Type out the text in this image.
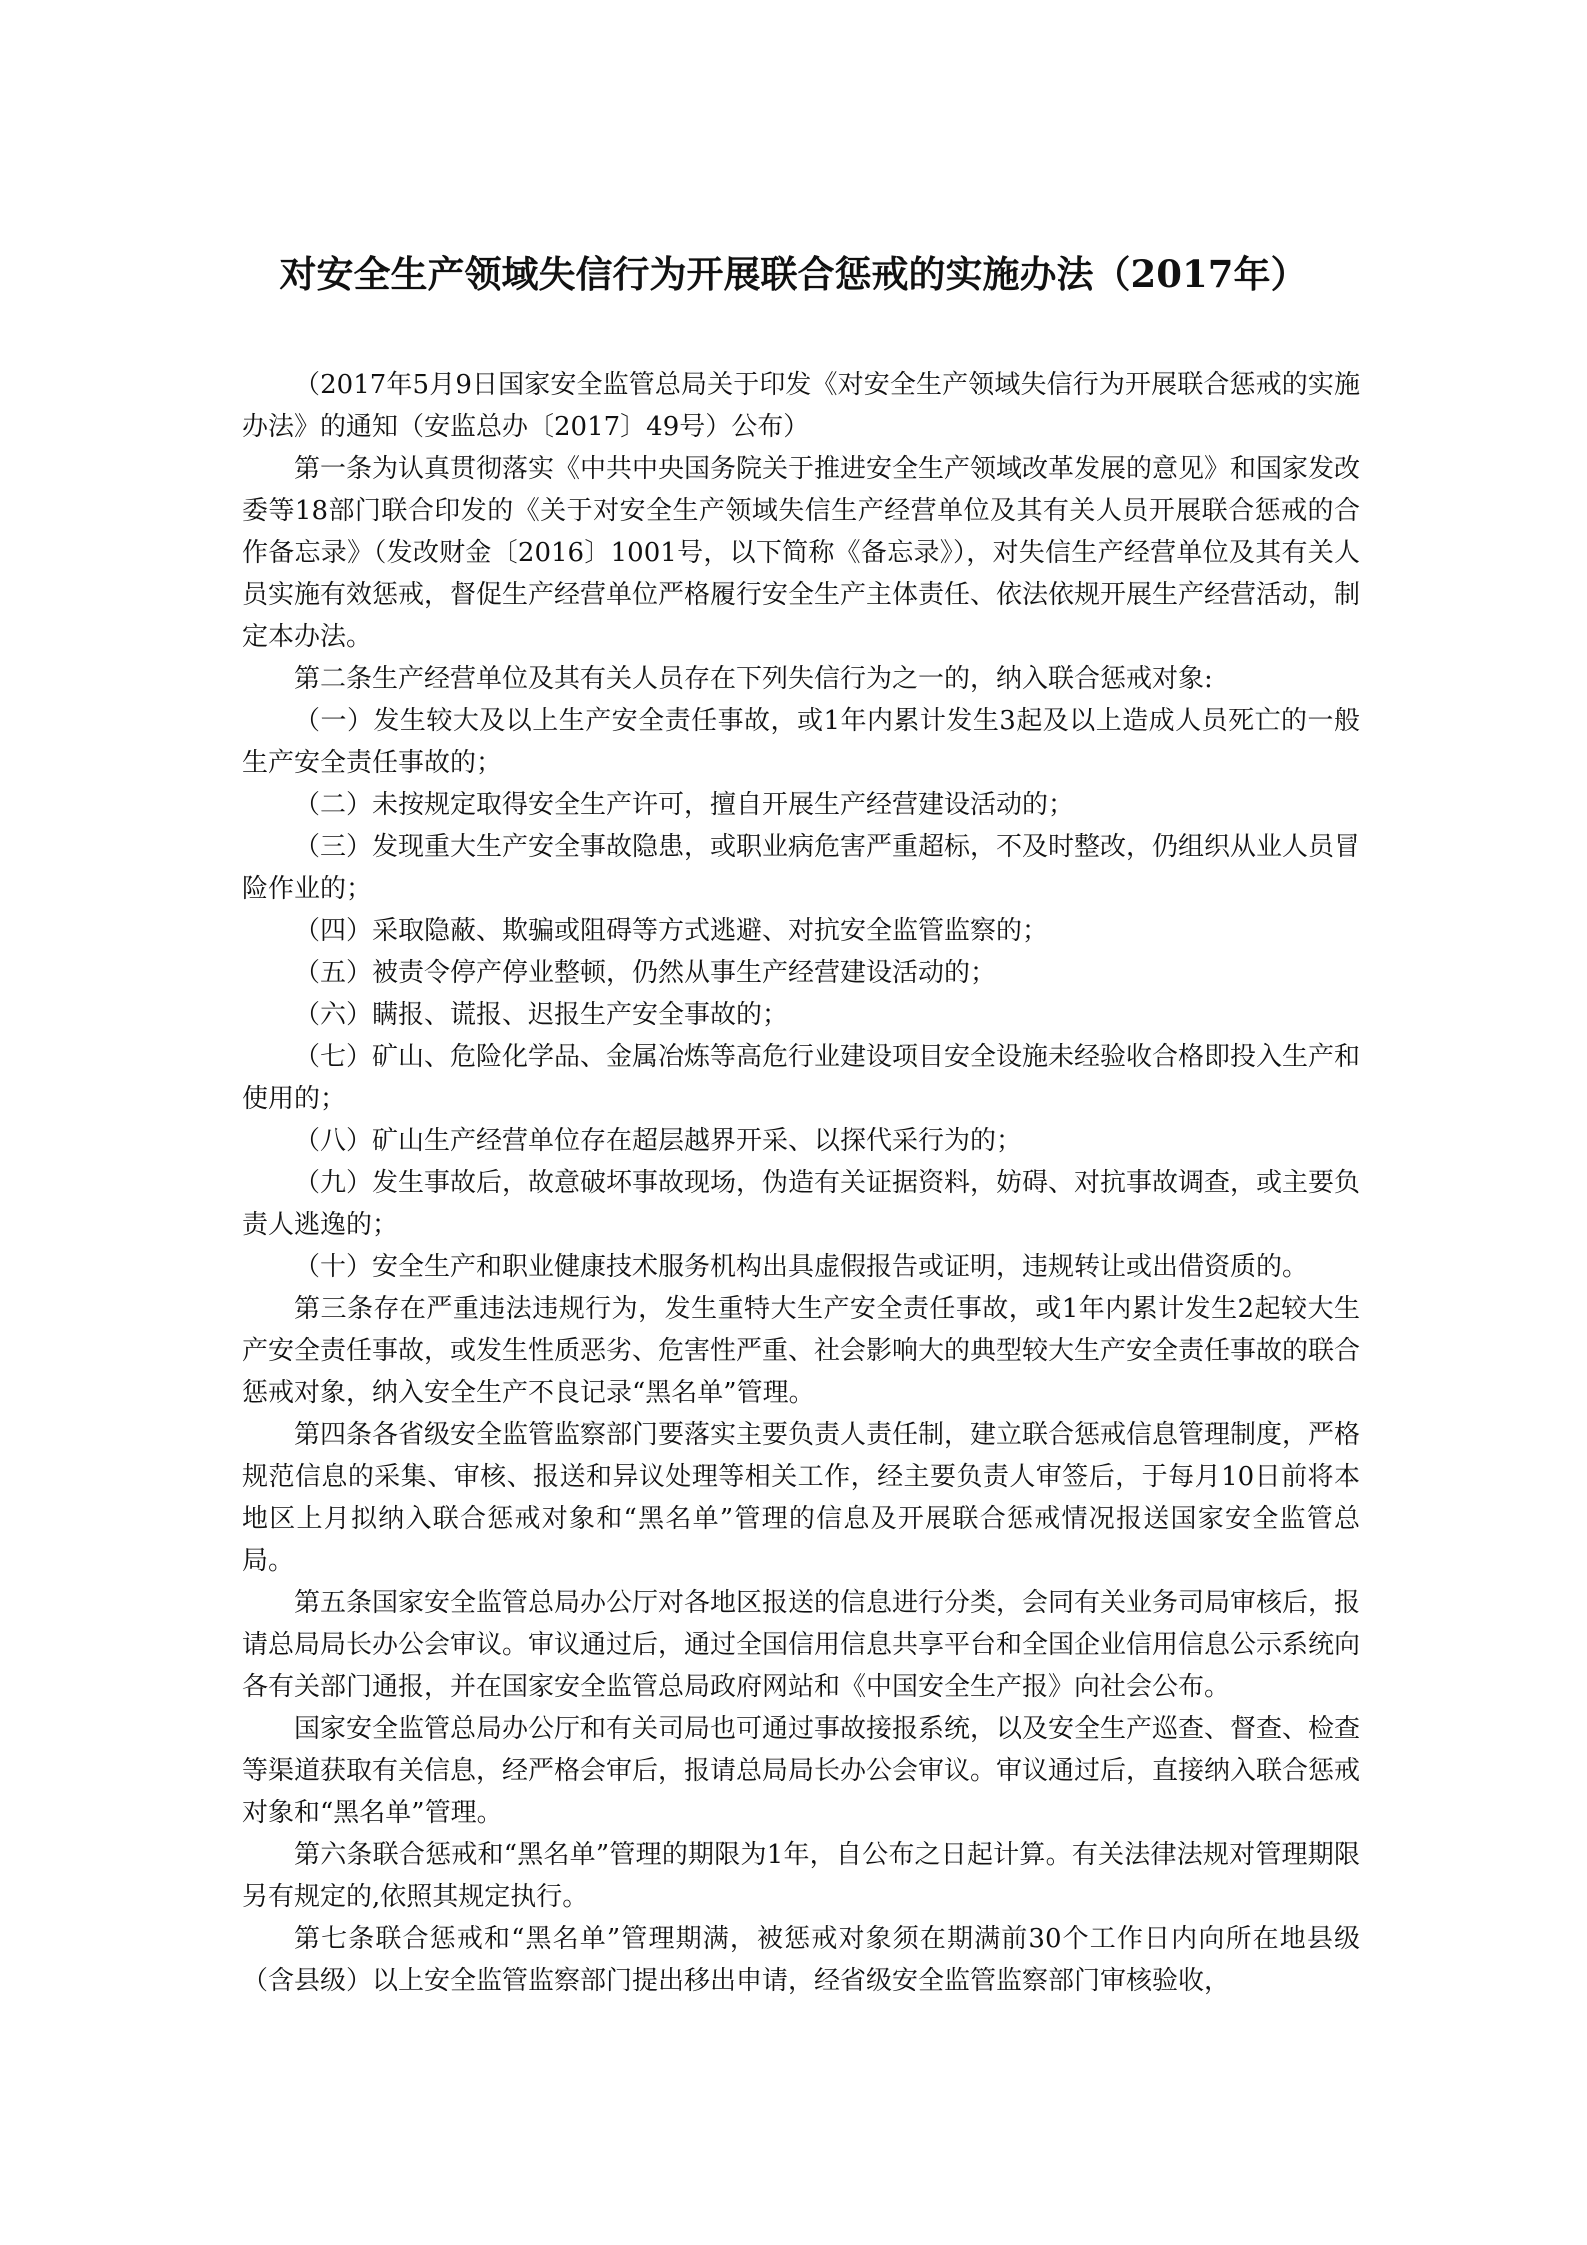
对安全生产领域失信行为开展联合惩戒的实施办法（2017年）

（2017年5月9日国家安全监管总局关于印发《对安全生产领域失信行为开展联合惩戒的实施办法》的通知（安监总办〔2017〕49号）公布）

第一条为认真贯彻落实《中共中央国务院关于推进安全生产领域改革发展的意见》和国家发改委等18部门联合印发的《关于对安全生产领域失信生产经营单位及其有关人员开展联合惩戒的合作备忘录》（发改财金〔2016〕1001号，以下简称《备忘录》），对失信生产经营单位及其有关人员实施有效惩戒，督促生产经营单位严格履行安全生产主体责任、依法依规开展生产经营活动，制定本办法。

第二条生产经营单位及其有关人员存在下列失信行为之一的，纳入联合惩戒对象:

（一）发生较大及以上生产安全责任事故，或1年内累计发生3起及以上造成人员死亡的一般生产安全责任事故的；

（二）未按规定取得安全生产许可，擅自开展生产经营建设活动的；

（三）发现重大生产安全事故隐患，或职业病危害严重超标，不及时整改，仍组织从业人员冒险作业的；

（四）采取隐蔽、欺骗或阻碍等方式逃避、对抗安全监管监察的；

（五）被责令停产停业整顿，仍然从事生产经营建设活动的；

（六）瞒报、谎报、迟报生产安全事故的；

（七）矿山、危险化学品、金属冶炼等高危行业建设项目安全设施未经验收合格即投入生产和使用的；

（八）矿山生产经营单位存在超层越界开采、以探代采行为的；

（九）发生事故后，故意破坏事故现场，伪造有关证据资料，妨碍、对抗事故调查，或主要负责人逃逸的；

（十）安全生产和职业健康技术服务机构出具虚假报告或证明，违规转让或出借资质的。

第三条存在严重违法违规行为，发生重特大生产安全责任事故，或1年内累计发生2起较大生产安全责任事故，或发生性质恶劣、危害性严重、社会影响大的典型较大生产安全责任事故的联合惩戒对象，纳入安全生产不良记录“黑名单”管理。

第四条各省级安全监管监察部门要落实主要负责人责任制，建立联合惩戒信息管理制度，严格规范信息的采集、审核、报送和异议处理等相关工作，经主要负责人审签后，于每月10日前将本地区上月拟纳入联合惩戒对象和“黑名单”管理的信息及开展联合惩戒情况报送国家安全监管总局。

第五条国家安全监管总局办公厅对各地区报送的信息进行分类，会同有关业务司局审核后，报请总局局长办公会审议。审议通过后，通过全国信用信息共享平台和全国企业信用信息公示系统向各有关部门通报，并在国家安全监管总局政府网站和《中国安全生产报》向社会公布。

国家安全监管总局办公厅和有关司局也可通过事故接报系统，以及安全生产巡查、督查、检查等渠道获取有关信息，经严格会审后，报请总局局长办公会审议。审议通过后，直接纳入联合惩戒对象和“黑名单”管理。

第六条联合惩戒和“黑名单”管理的期限为1年，自公布之日起计算。有关法律法规对管理期限另有规定的,依照其规定执行。

第七条联合惩戒和“黑名单”管理期满，被惩戒对象须在期满前30个工作日内向所在地县级（含县级）以上安全监管监察部门提出移出申请，经省级安全监管监察部门审核验收，
